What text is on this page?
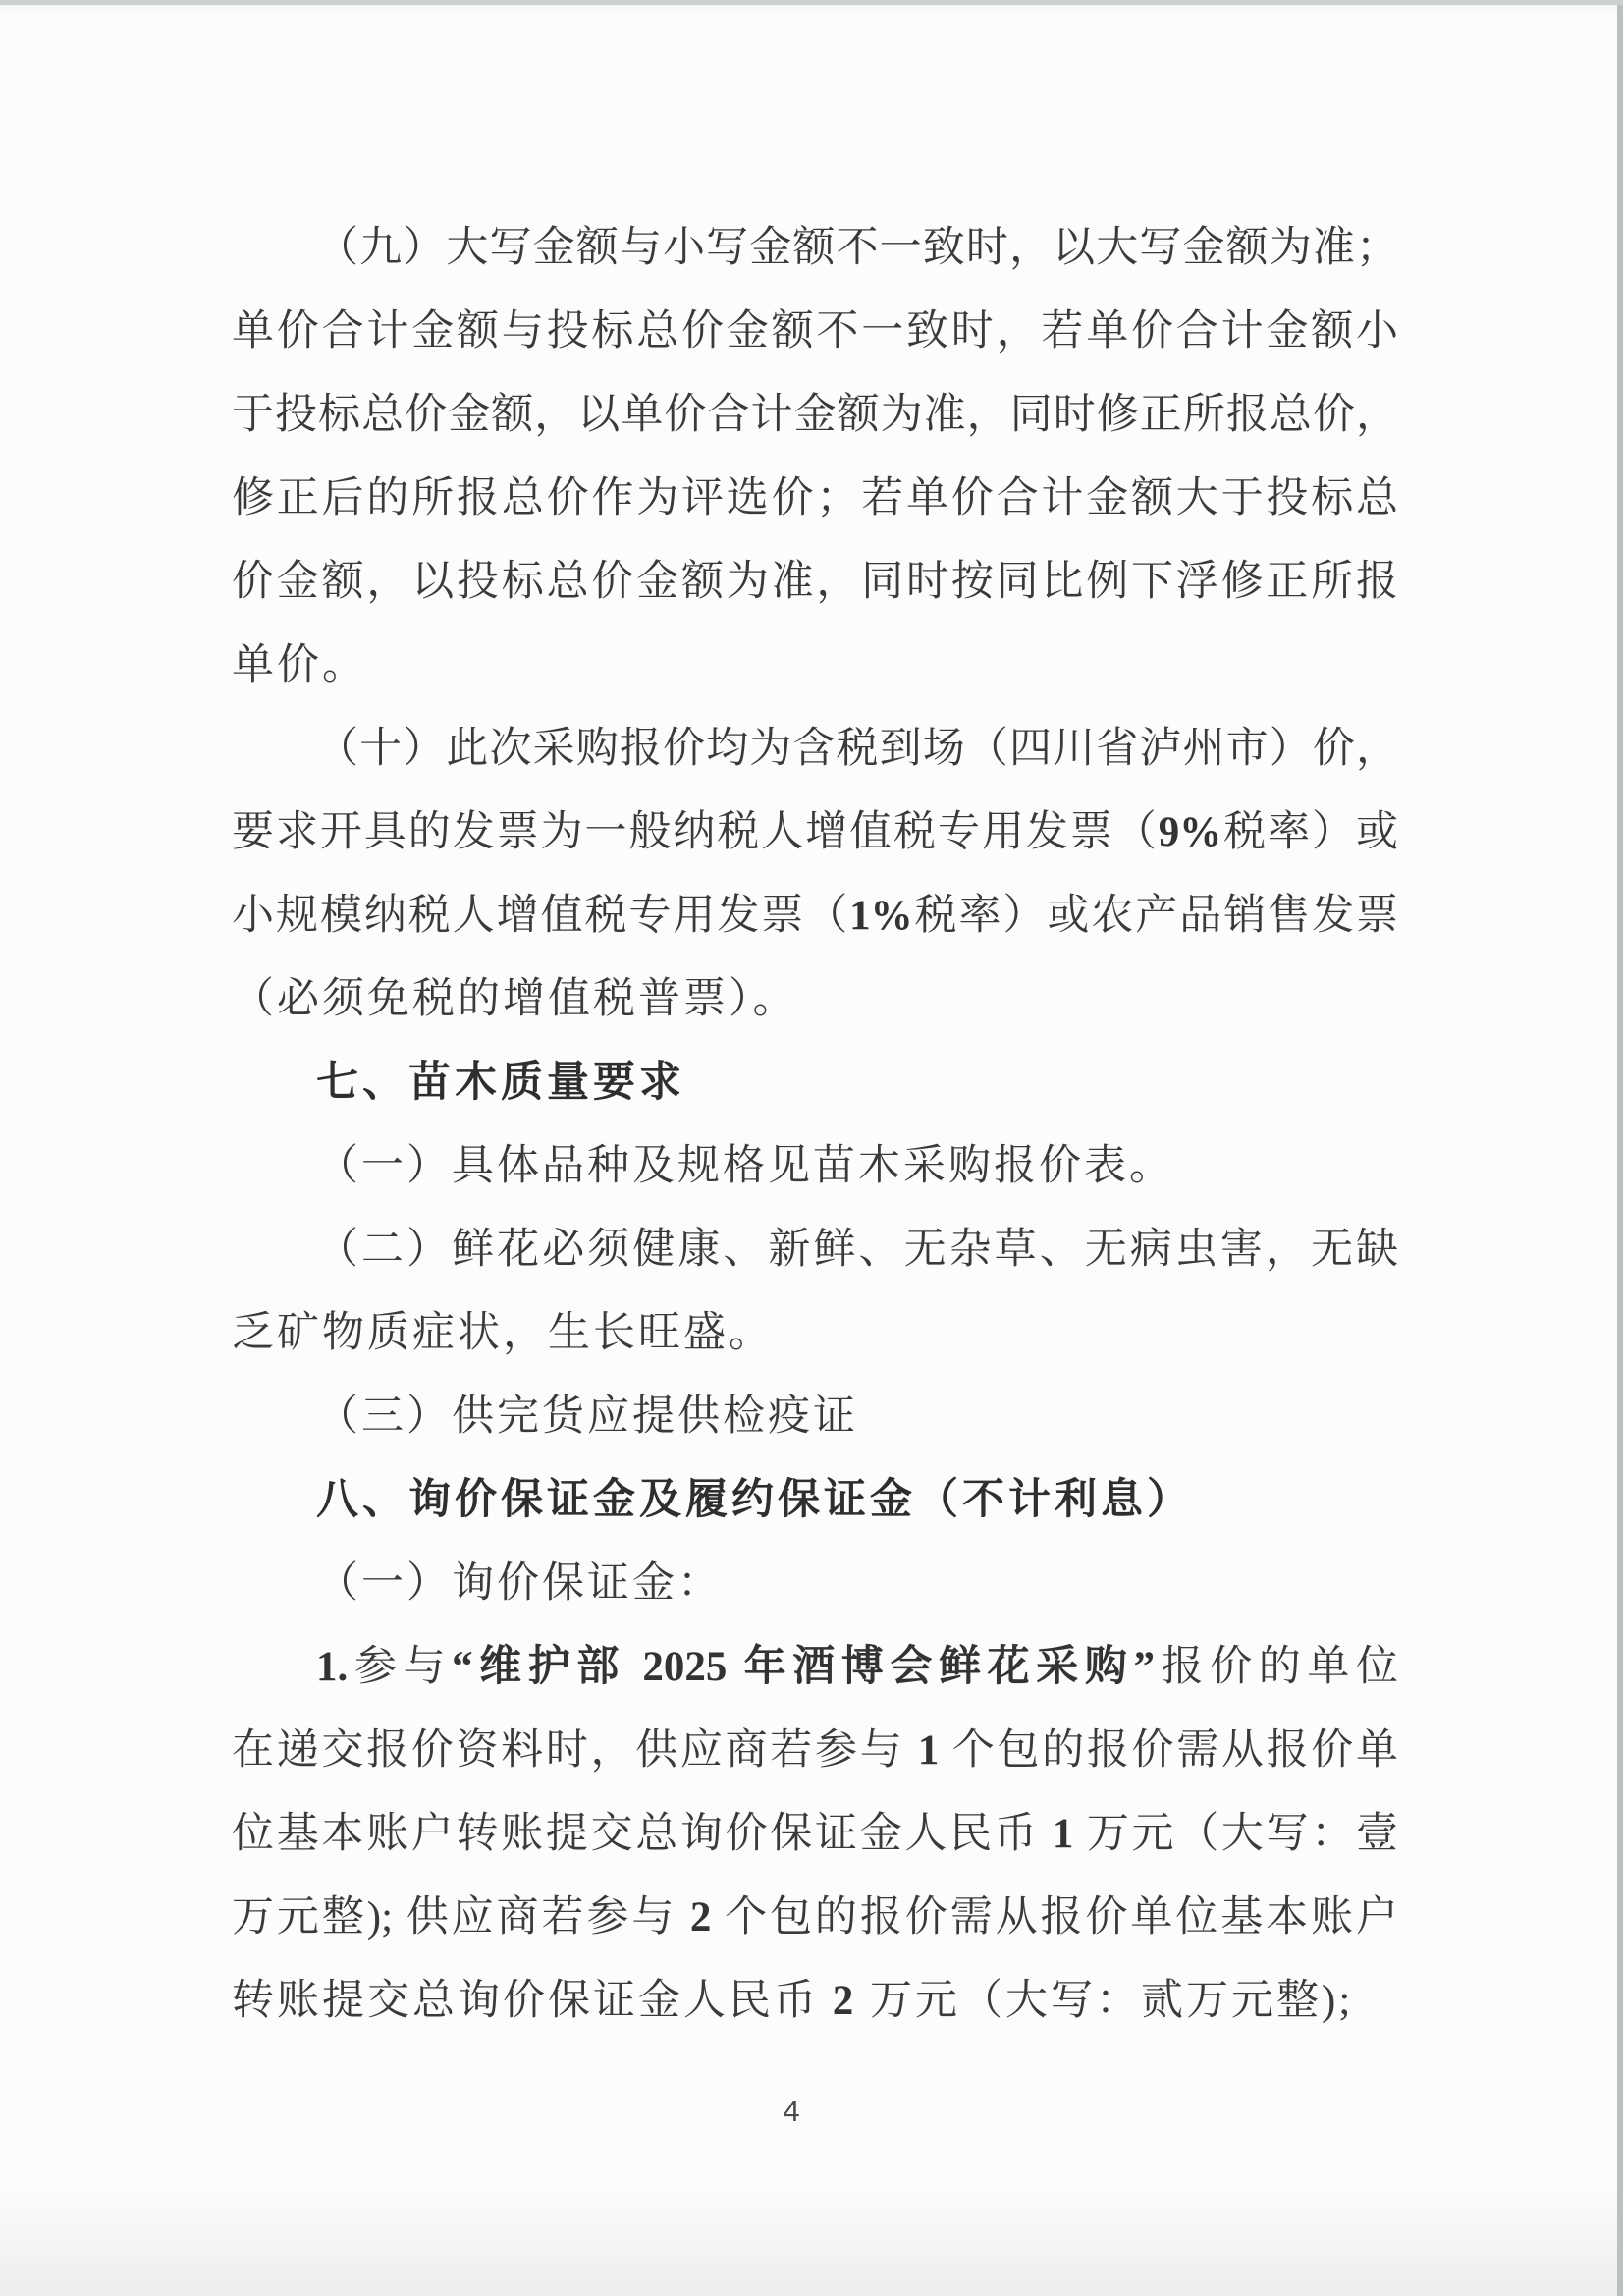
（九）大写金额与小写金额不一致时，以大写金额为准；
单价合计金额与投标总价金额不一致时，若单价合计金额小
于投标总价金额，以单价合计金额为准，同时修正所报总价，
修正后的所报总价作为评选价；若单价合计金额大于投标总
价金额，以投标总价金额为准，同时按同比例下浮修正所报
单价。
（十）此次采购报价均为含税到场（四川省泸州市）价，
要求开具的发票为一般纳税人增值税专用发票（9%税率）或
小规模纳税人增值税专用发票（1%税率）或农产品销售发票
（必须免税的增值税普票）。
七、苗木质量要求
（一）具体品种及规格见苗木采购报价表。
（二）鲜花必须健康、新鲜、无杂草、无病虫害，无缺
乏矿物质症状，生长旺盛。
（三）供完货应提供检疫证
八、询价保证金及履约保证金（不计利息）
（一）询价保证金：
1.参与“维护部 2025 年酒博会鲜花采购”报价的单位
在递交报价资料时，供应商若参与 1 个包的报价需从报价单
位基本账户转账提交总询价保证金人民币 1 万元（大写：壹
万元整); 供应商若参与 2 个包的报价需从报价单位基本账户
转账提交总询价保证金人民币 2 万元（大写：贰万元整);
4
